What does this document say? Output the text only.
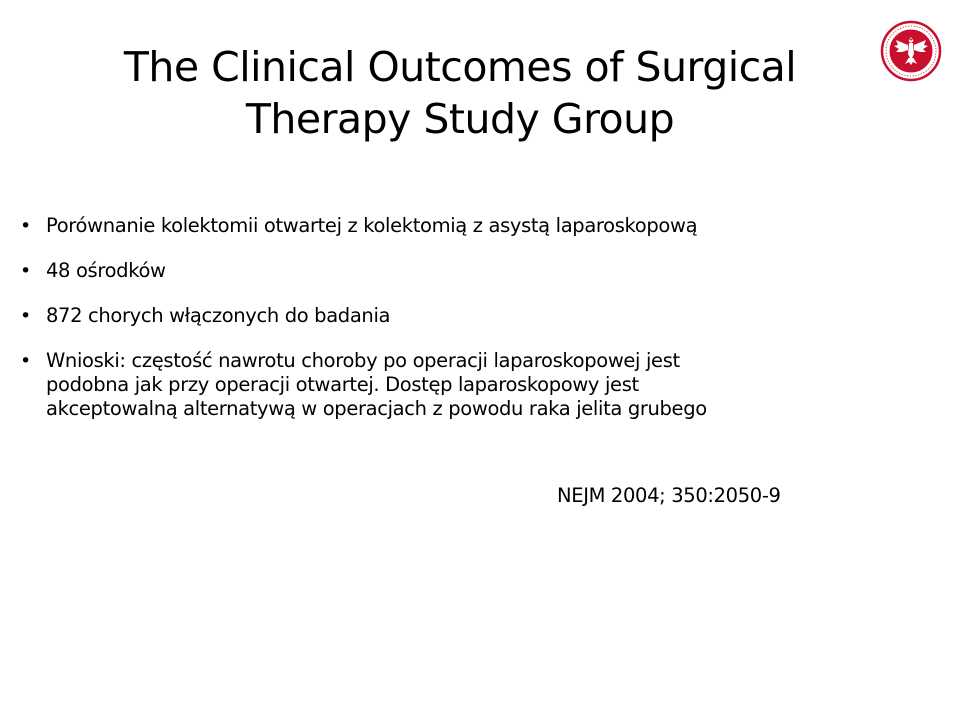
The Clinical Outcomes of Surgical
Therapy Study Group
• Porównanie kolektomii otwartej z kolektomią z asystą laparoskopową
• 48 ośrodków
• 872 chorych włączonych do badania
• Wnioski: częstość nawrotu choroby po operacji laparoskopowej jest
podobna jak przy operacji otwartej. Dostęp laparoskopowy jest
akceptowalną alternatywą w operacjach z powodu raka jelita grubego
NEJM 2004; 350:2050-9
